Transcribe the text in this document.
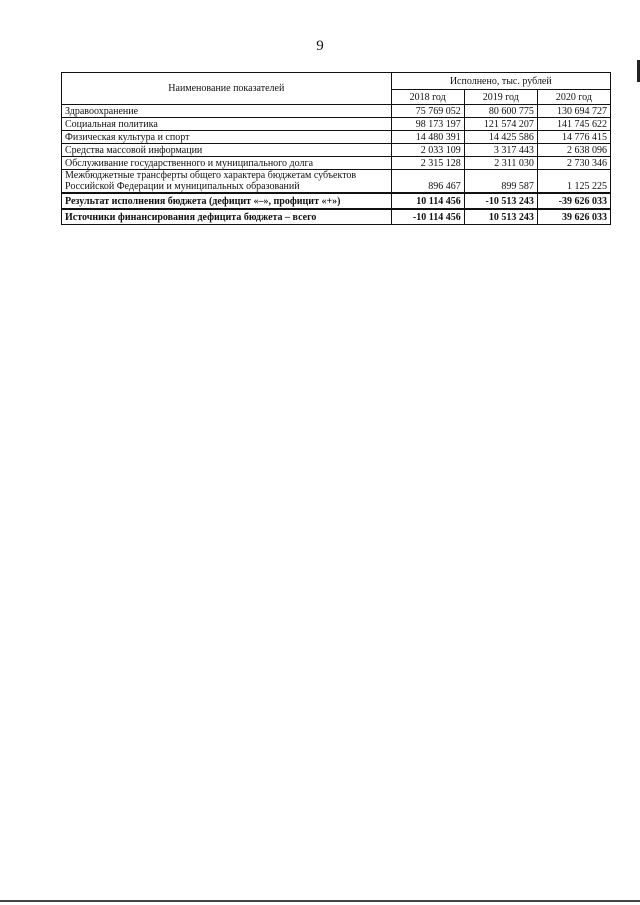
9
Наименование показателей	Исполнено, тыс. рублей		
	2018 год	2019 год	2020 год
Здравоохранение	75 769 052	80 600 775	130 694 727
Социальная политика	98 173 197	121 574 207	141 745 622
Физическая культура и спорт	14 480 391	14 425 586	14 776 415
Средства массовой информации	2 033 109	3 317 443	2 638 096
Обслуживание государственного и муниципального долга	2 315 128	2 311 030	2 730 346

Межбюджетные трансферты общего характера бюджетам субъектов
Российской Федерации и муниципальных образований	896 467	899 587	1 125 225
Результат исполнения бюджета (дефицит «–», профицит «+»)	10 114 456	-10 513 243	-39 626 033
Источники финансирования дефицита бюджета – всего	-10 114 456	10 513 243	39 626 033
